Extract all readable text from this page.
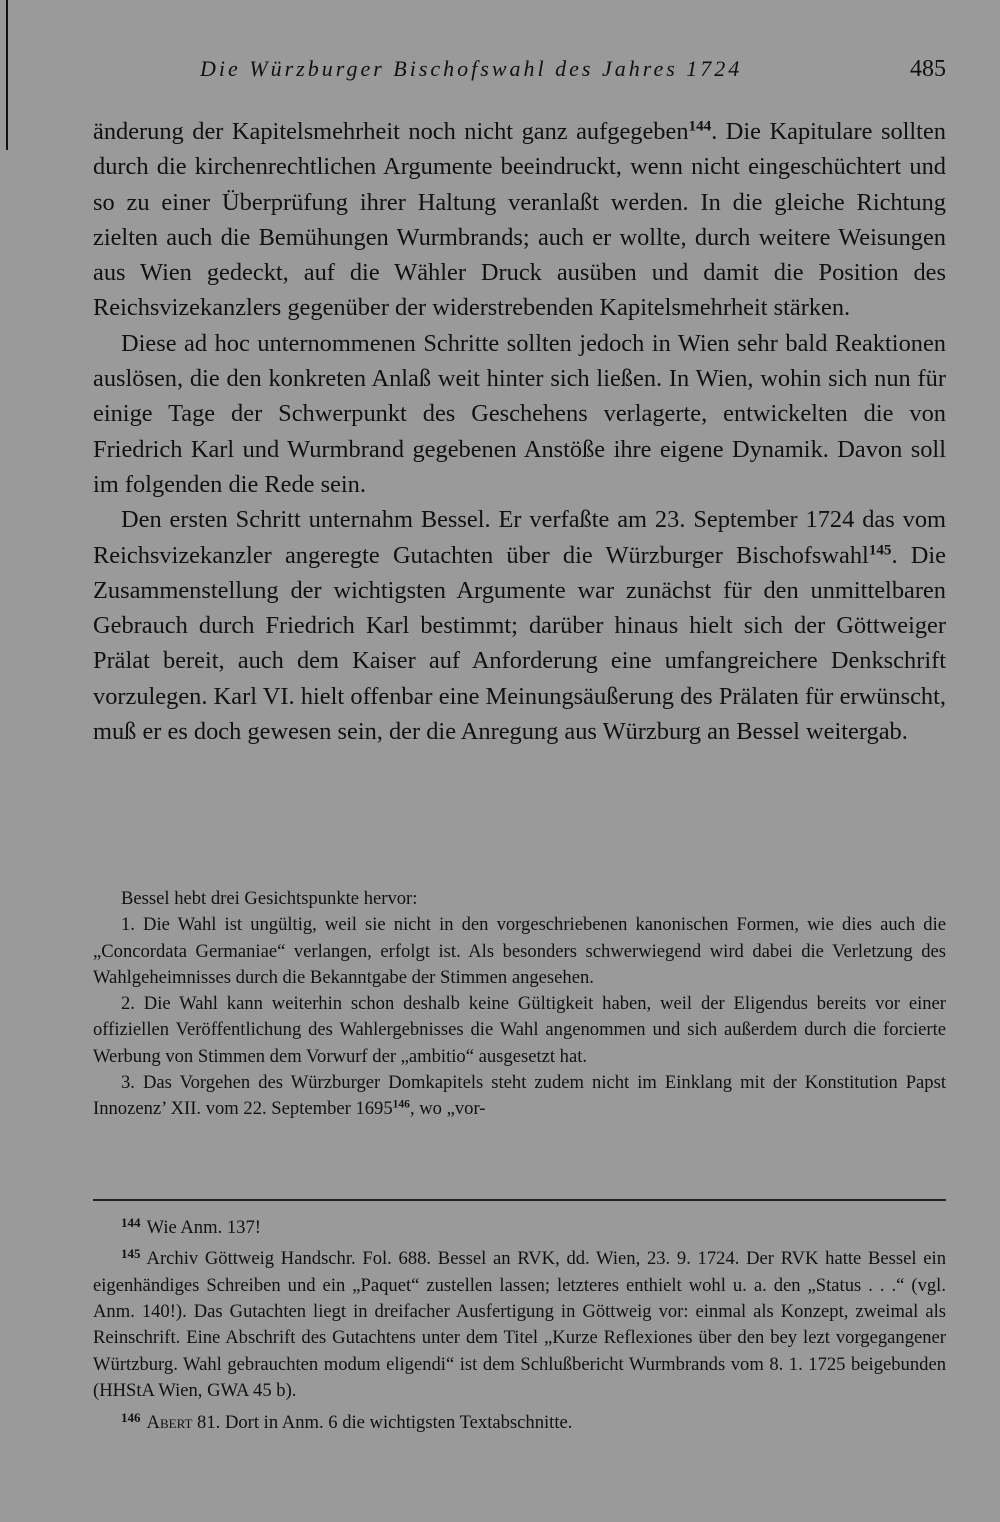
Die Würzburger Bischofswahl des Jahres 1724	485

änderung der Kapitelsmehrheit noch nicht ganz aufgegeben$^{144}$. Die Kapitulare sollten durch die kirchenrechtlichen Argumente beeindruckt, wenn nicht eingeschüchtert und so zu einer Überprüfung ihrer Haltung veranlaßt werden. In die gleiche Richtung zielten auch die Bemühungen Wurmbrands; auch er wollte, durch weitere Weisungen aus Wien gedeckt, auf die Wähler Druck ausüben und damit die Position des Reichsvizekanzlers gegenüber der widerstrebenden Kapitelsmehrheit stärken.

Diese ad hoc unternommenen Schritte sollten jedoch in Wien sehr bald Reaktionen auslösen, die den konkreten Anlaß weit hinter sich ließen. In Wien, wohin sich nun für einige Tage der Schwerpunkt des Geschehens verlagerte, entwickelten die von Friedrich Karl und Wurmbrand gegebenen Anstöße ihre eigene Dynamik. Davon soll im folgenden die Rede sein.

Den ersten Schritt unternahm Bessel. Er verfaßte am 23. September 1724 das vom Reichsvizekanzler angeregte Gutachten über die Würzburger Bischofswahl$^{145}$. Die Zusammenstellung der wichtigsten Argumente war zunächst für den unmittelbaren Gebrauch durch Friedrich Karl bestimmt; darüber hinaus hielt sich der Göttweiger Prälat bereit, auch dem Kaiser auf Anforderung eine umfangreichere Denkschrift vorzulegen. Karl VI. hielt offenbar eine Meinungsäußerung des Prälaten für erwünscht, muß er es doch gewesen sein, der die Anregung aus Würzburg an Bessel weitergab.

Bessel hebt drei Gesichtspunkte hervor:

1. Die Wahl ist ungültig, weil sie nicht in den vorgeschriebenen kanonischen Formen, wie dies auch die „Concordata Germaniae“ verlangen, erfolgt ist. Als besonders schwerwiegend wird dabei die Verletzung des Wahlgeheimnisses durch die Bekanntgabe der Stimmen angesehen.

2. Die Wahl kann weiterhin schon deshalb keine Gültigkeit haben, weil der Eligendus bereits vor einer offiziellen Veröffentlichung des Wahlergebnisses die Wahl angenommen und sich außerdem durch die forcierte Werbung von Stimmen dem Vorwurf der „ambitio“ ausgesetzt hat.

3. Das Vorgehen des Würzburger Domkapitels steht zudem nicht im Einklang mit der Konstitution Papst Innozenz’ XII. vom 22. September 1695$^{146}$, wo „vor-

$^{144}$ Wie Anm. 137!

$^{145}$ Archiv Göttweig Handschr. Fol. 688. Bessel an RVK, dd. Wien, 23. 9. 1724. Der RVK hatte Bessel ein eigenhändiges Schreiben und ein „Paquet“ zustellen lassen; letzteres enthielt wohl u. a. den „Status . . .“ (vgl. Anm. 140!). Das Gutachten liegt in dreifacher Ausfertigung in Göttweig vor: einmal als Konzept, zweimal als Reinschrift. Eine Abschrift des Gutachtens unter dem Titel „Kurze Reflexiones über den bey lezt vorgegangener Würtzburg. Wahl gebrauchten modum eligendi“ ist dem Schlußbericht Wurmbrands vom 8. 1. 1725 beigebunden (HHStA Wien, GWA 45 b).

$^{146}$ Abert 81. Dort in Anm. 6 die wichtigsten Textabschnitte.
